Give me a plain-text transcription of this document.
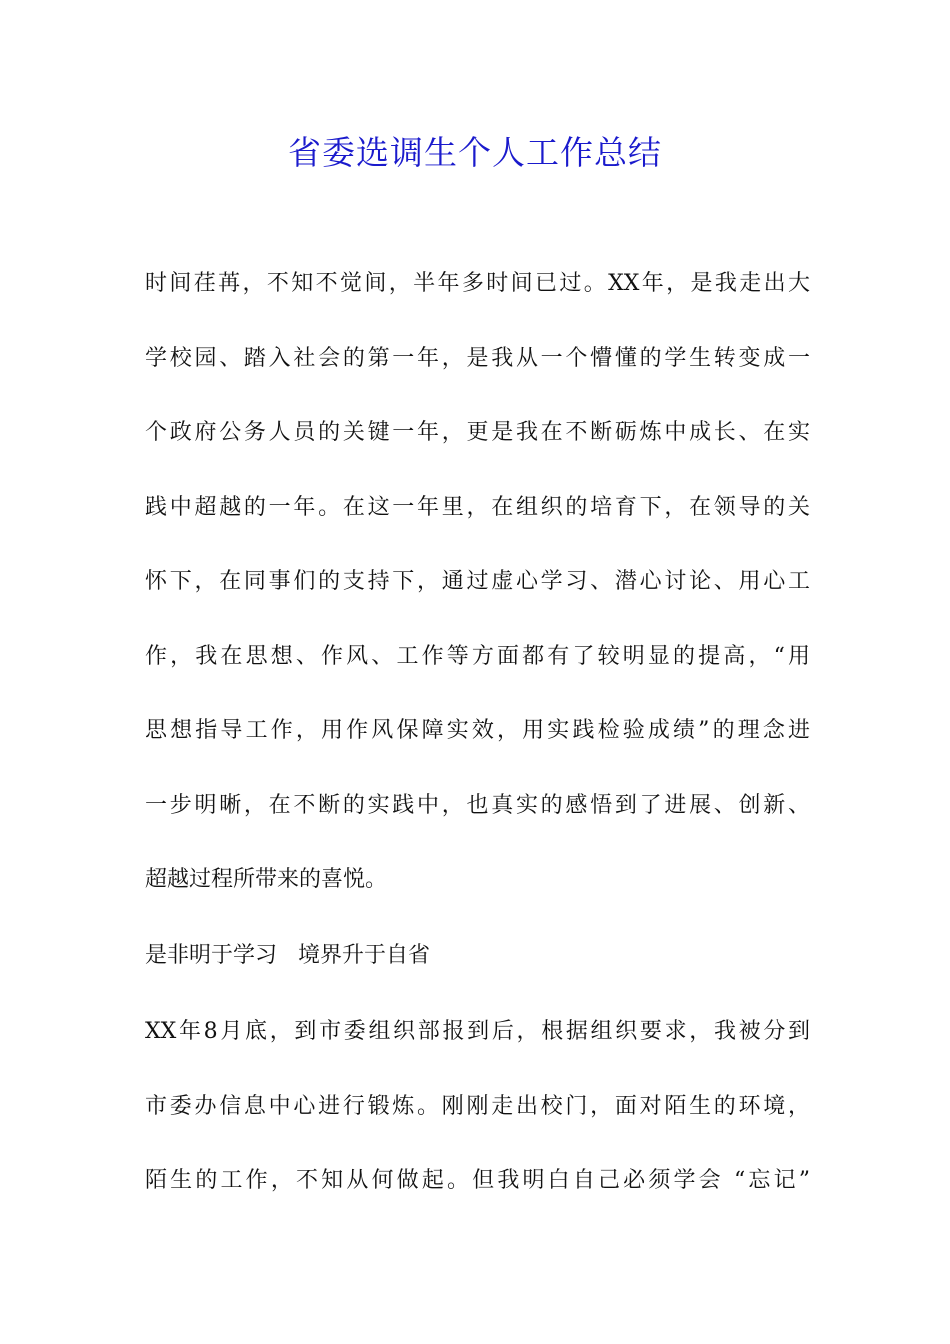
省委选调生个人工作总结
时间荏苒，不知不觉间，半年多时间已过。XX年，是我走出大
学校园、踏入社会的第一年，是我从一个懵懂的学生转变成一
个政府公务人员的关键一年，更是我在不断砺炼中成长、在实
践中超越的一年。在这一年里，在组织的培育下，在领导的关
怀下，在同事们的支持下，通过虚心学习、潜心讨论、用心工
作，我在思想、作风、工作等方面都有了较明显的提高，“用
思想指导工作，用作风保障实效，用实践检验成绩”的理念进
一步明晰，在不断的实践中，也真实的感悟到了进展、创新、
超越过程所带来的喜悦。
是非明于学习   境界升于自省
XX年8月底，到市委组织部报到后，根据组织要求，我被分到
市委办信息中心进行锻炼。刚刚走出校门，面对陌生的环境，
陌生的工作，不知从何做起。但我明白自己必须学会 “忘记”
